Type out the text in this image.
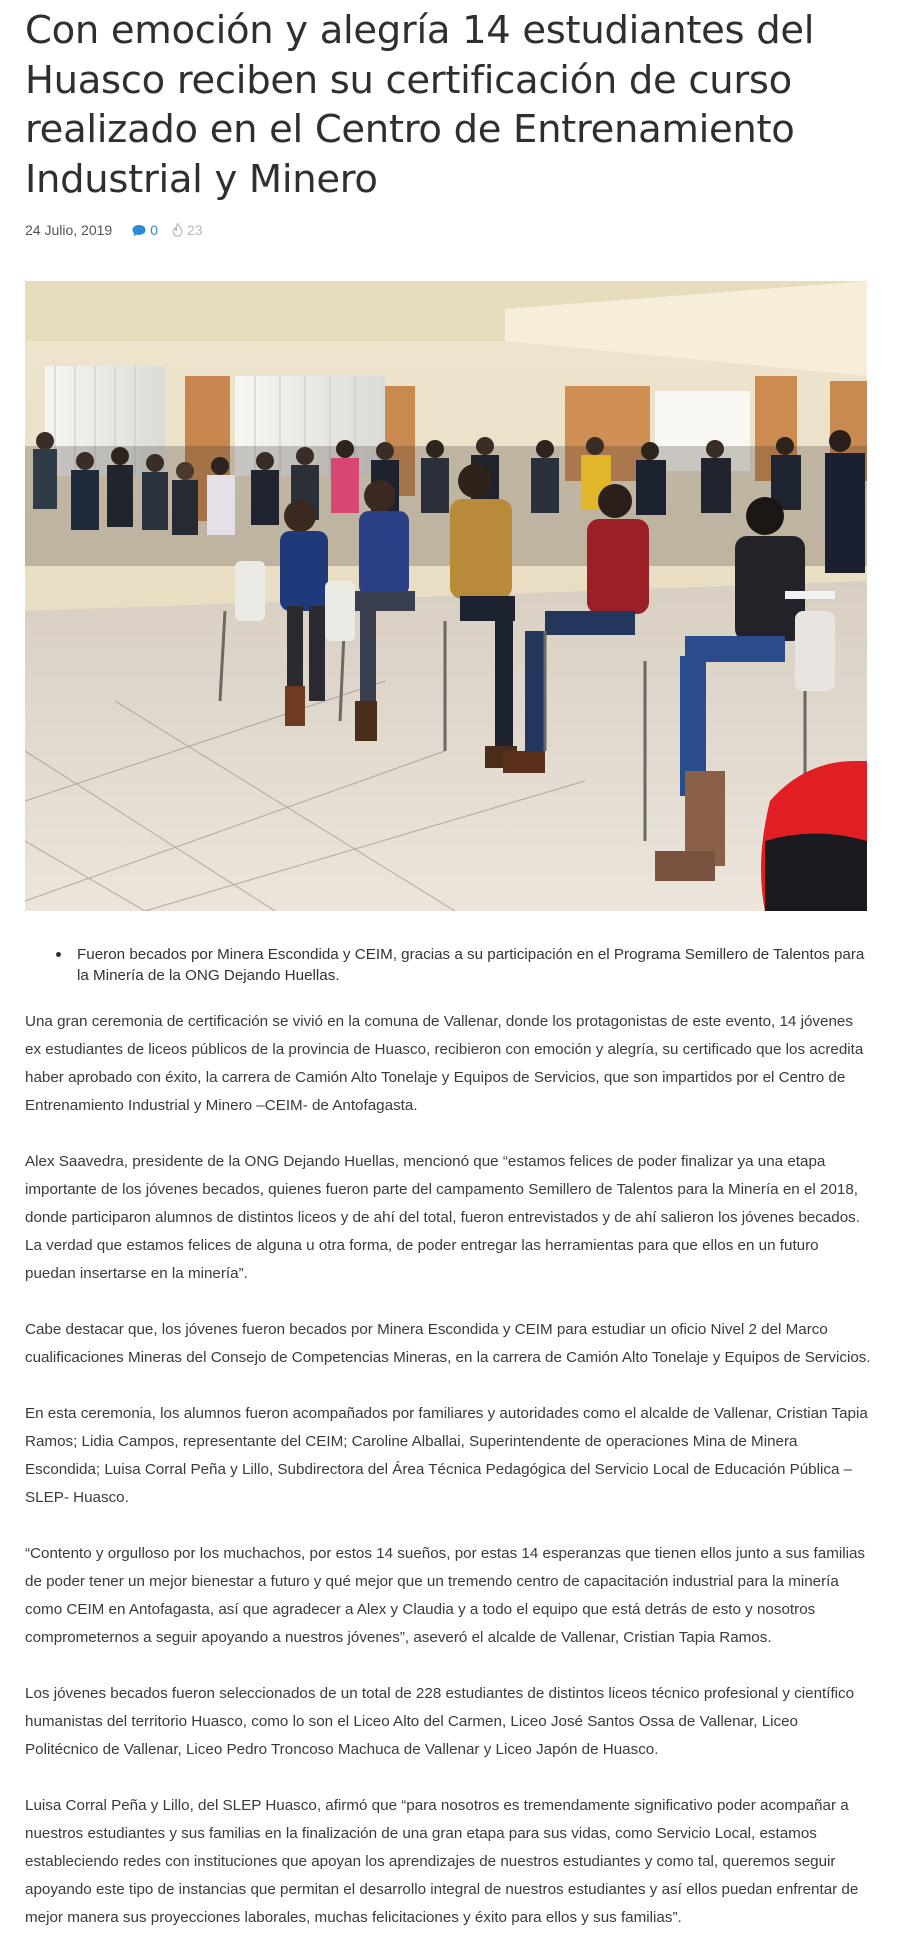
Con emoción y alegría 14 estudiantes del Huasco reciben su certificación de curso realizado en el Centro de Entrenamiento Industrial y Minero
24 Julio, 2019	0 23
Fueron becados por Minera Escondida y CEIM, gracias a su participación en el Programa Semillero de Talentos para la Minería de la ONG Dejando Huellas.

Una gran ceremonia de certificación se vivió en la comuna de Vallenar, donde los protagonistas de este evento, 14 jóvenes ex estudiantes de liceos públicos de la provincia de Huasco, recibieron con emoción y alegría, su certificado que los acredita haber aprobado con éxito, la carrera de Camión Alto Tonelaje y Equipos de Servicios, que son impartidos por el Centro de Entrenamiento Industrial y Minero –CEIM- de Antofagasta.

Alex Saavedra, presidente de la ONG Dejando Huellas, mencionó que “estamos felices de poder finalizar ya una etapa importante de los jóvenes becados, quienes fueron parte del campamento Semillero de Talentos para la Minería en el 2018, donde participaron alumnos de distintos liceos y de ahí del total, fueron entrevistados y de ahí salieron los jóvenes becados. La verdad que estamos felices de alguna u otra forma, de poder entregar las herramientas para que ellos en un futuro puedan insertarse en la minería”.

Cabe destacar que, los jóvenes fueron becados por Minera Escondida y CEIM para estudiar un oficio Nivel 2 del Marco cualificaciones Mineras del Consejo de Competencias Mineras, en la carrera de Camión Alto Tonelaje y Equipos de Servicios.

En esta ceremonia, los alumnos fueron acompañados por familiares y autoridades como el alcalde de Vallenar, Cristian Tapia Ramos; Lidia Campos, representante del CEIM; Caroline Alballai, Superintendente de operaciones Mina de Minera Escondida; Luisa Corral Peña y Lillo, Subdirectora del Área Técnica Pedagógica del Servicio Local de Educación Pública –SLEP- Huasco.

“Contento y orgulloso por los muchachos, por estos 14 sueños, por estas 14 esperanzas que tienen ellos junto a sus familias de poder tener un mejor bienestar a futuro y qué mejor que un tremendo centro de capacitación industrial para la minería como CEIM en Antofagasta, así que agradecer a Alex y Claudia y a todo el equipo que está detrás de esto y nosotros comprometernos a seguir apoyando a nuestros jóvenes”, aseveró el alcalde de Vallenar, Cristian Tapia Ramos.

Los jóvenes becados fueron seleccionados de un total de 228 estudiantes de distintos liceos técnico profesional y científico humanistas del territorio Huasco, como lo son el Liceo Alto del Carmen, Liceo José Santos Ossa de Vallenar, Liceo Politécnico de Vallenar, Liceo Pedro Troncoso Machuca de Vallenar y Liceo Japón de Huasco.

Luisa Corral Peña y Lillo, del SLEP Huasco, afirmó que “para nosotros es tremendamente significativo poder acompañar a nuestros estudiantes y sus familias en la finalización de una gran etapa para sus vidas, como Servicio Local, estamos estableciendo redes con instituciones que apoyan los aprendizajes de nuestros estudiantes y como tal, queremos seguir apoyando este tipo de instancias que permitan el desarrollo integral de nuestros estudiantes y así ellos puedan enfrentar de mejor manera sus proyecciones laborales, muchas felicitaciones y éxito para ellos y sus familias”.
